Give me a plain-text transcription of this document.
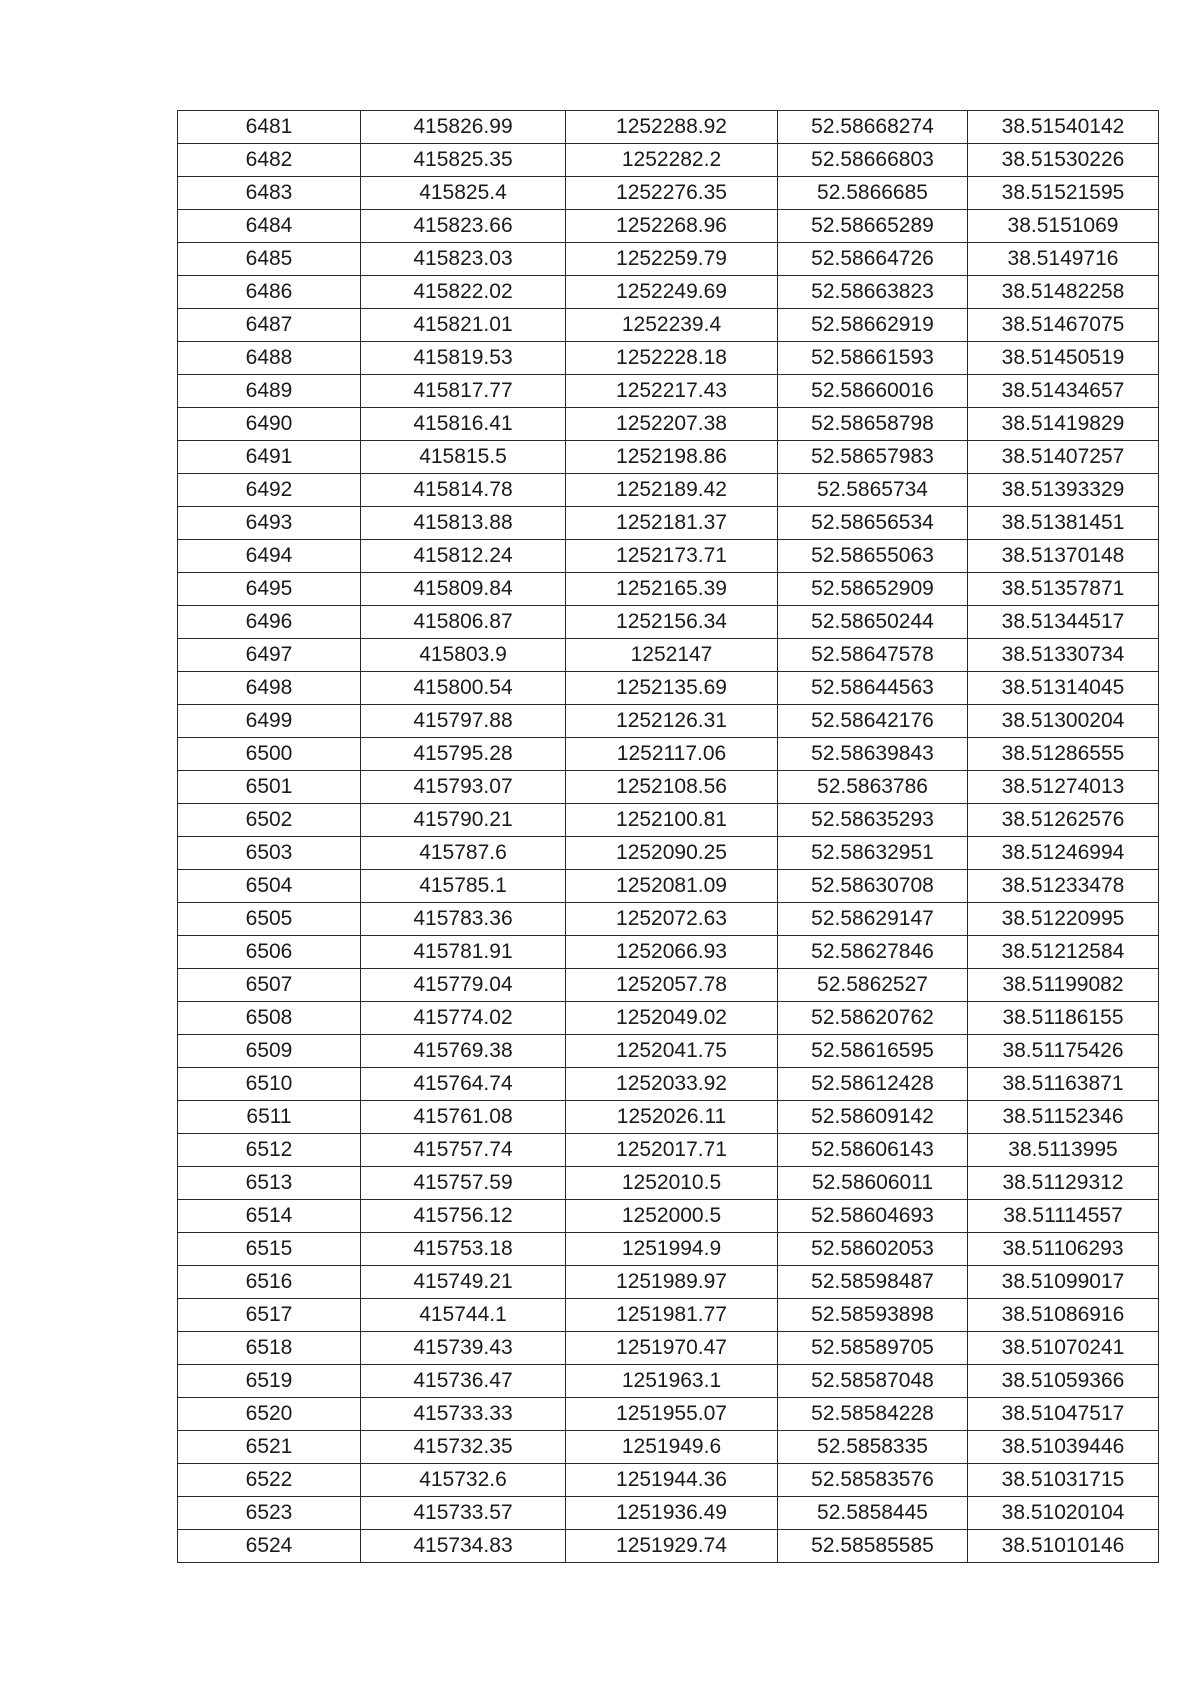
6481	415826.99	1252288.92	52.58668274	38.51540142
6482	415825.35	1252282.2	52.58666803	38.51530226
6483	415825.4	1252276.35	52.5866685	38.51521595
6484	415823.66	1252268.96	52.58665289	38.5151069
6485	415823.03	1252259.79	52.58664726	38.5149716
6486	415822.02	1252249.69	52.58663823	38.51482258
6487	415821.01	1252239.4	52.58662919	38.51467075
6488	415819.53	1252228.18	52.58661593	38.51450519
6489	415817.77	1252217.43	52.58660016	38.51434657
6490	415816.41	1252207.38	52.58658798	38.51419829
6491	415815.5	1252198.86	52.58657983	38.51407257
6492	415814.78	1252189.42	52.5865734	38.51393329
6493	415813.88	1252181.37	52.58656534	38.51381451
6494	415812.24	1252173.71	52.58655063	38.51370148
6495	415809.84	1252165.39	52.58652909	38.51357871
6496	415806.87	1252156.34	52.58650244	38.51344517
6497	415803.9	1252147	52.58647578	38.51330734
6498	415800.54	1252135.69	52.58644563	38.51314045
6499	415797.88	1252126.31	52.58642176	38.51300204
6500	415795.28	1252117.06	52.58639843	38.51286555
6501	415793.07	1252108.56	52.5863786	38.51274013
6502	415790.21	1252100.81	52.58635293	38.51262576
6503	415787.6	1252090.25	52.58632951	38.51246994
6504	415785.1	1252081.09	52.58630708	38.51233478
6505	415783.36	1252072.63	52.58629147	38.51220995
6506	415781.91	1252066.93	52.58627846	38.51212584
6507	415779.04	1252057.78	52.5862527	38.51199082
6508	415774.02	1252049.02	52.58620762	38.51186155
6509	415769.38	1252041.75	52.58616595	38.51175426
6510	415764.74	1252033.92	52.58612428	38.51163871
6511	415761.08	1252026.11	52.58609142	38.51152346
6512	415757.74	1252017.71	52.58606143	38.5113995
6513	415757.59	1252010.5	52.58606011	38.51129312
6514	415756.12	1252000.5	52.58604693	38.51114557
6515	415753.18	1251994.9	52.58602053	38.51106293
6516	415749.21	1251989.97	52.58598487	38.51099017
6517	415744.1	1251981.77	52.58593898	38.51086916
6518	415739.43	1251970.47	52.58589705	38.51070241
6519	415736.47	1251963.1	52.58587048	38.51059366
6520	415733.33	1251955.07	52.58584228	38.51047517
6521	415732.35	1251949.6	52.5858335	38.51039446
6522	415732.6	1251944.36	52.58583576	38.51031715
6523	415733.57	1251936.49	52.5858445	38.51020104
6524	415734.83	1251929.74	52.58585585	38.51010146
